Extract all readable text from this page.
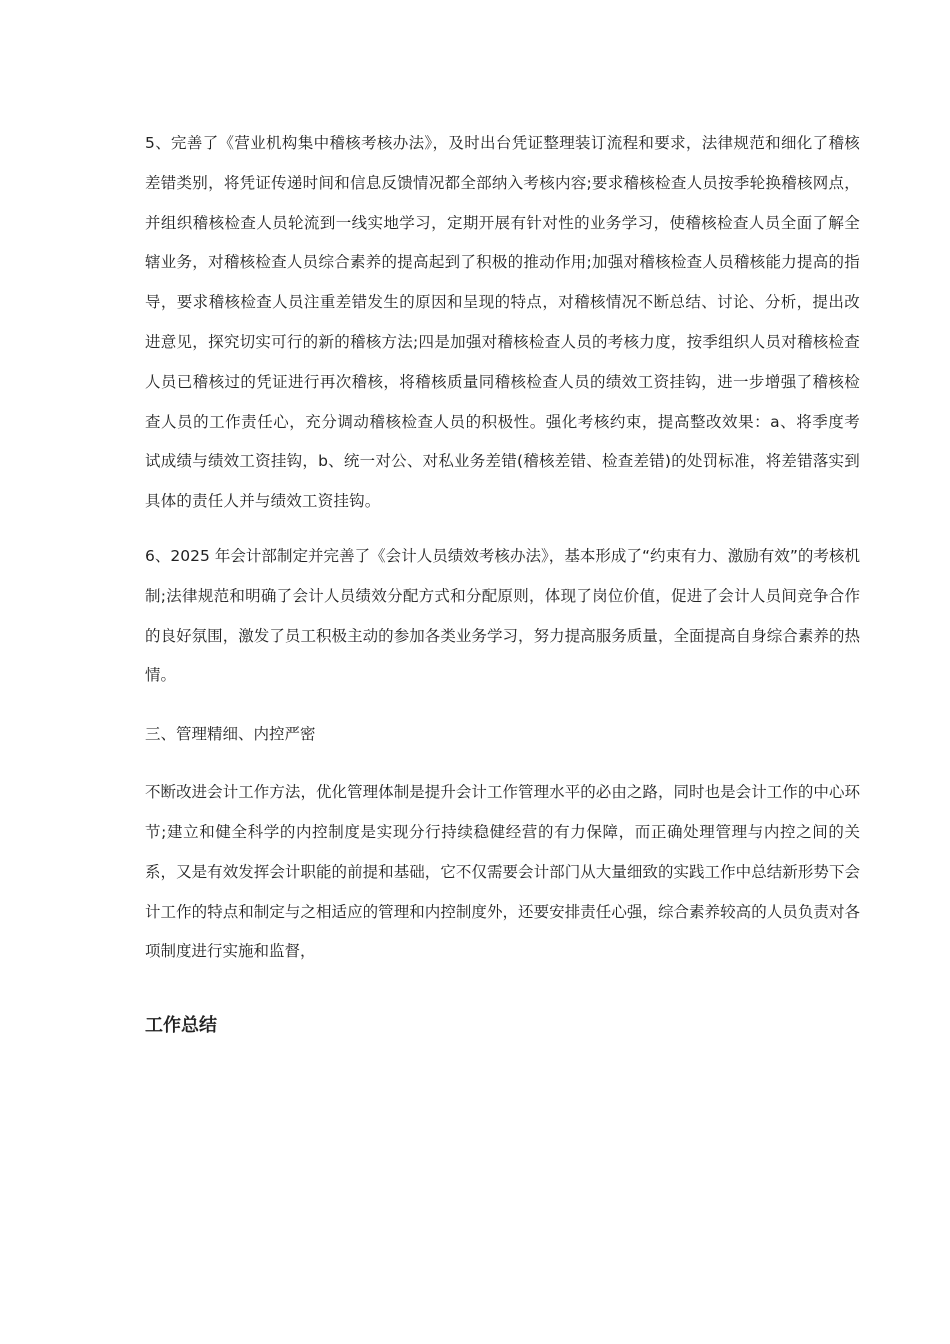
5、完善了《营业机构集中稽核考核办法》，及时出台凭证整理装订流程和要求，法律规范和细化了稽核差错类别，将凭证传递时间和信息反馈情况都全部纳入考核内容;要求稽核检查人员按季轮换稽核网点，并组织稽核检查人员轮流到一线实地学习，定期开展有针对性的业务学习，使稽核检查人员全面了解全辖业务，对稽核检查人员综合素养的提高起到了积极的推动作用;加强对稽核检查人员稽核能力提高的指导，要求稽核检查人员注重差错发生的原因和呈现的特点，对稽核情况不断总结、讨论、分析，提出改进意见，探究切实可行的新的稽核方法;四是加强对稽核检查人员的考核力度，按季组织人员对稽核检查人员已稽核过的凭证进行再次稽核，将稽核质量同稽核检查人员的绩效工资挂钩，进一步增强了稽核检查人员的工作责任心，充分调动稽核检查人员的积极性。强化考核约束，提高整改效果：a、将季度考试成绩与绩效工资挂钩，b、统一对公、对私业务差错(稽核差错、检查差错)的处罚标准，将差错落实到具体的责任人并与绩效工资挂钩。

6、2025 年会计部制定并完善了《会计人员绩效考核办法》，基本形成了“约束有力、激励有效”的考核机制;法律规范和明确了会计人员绩效分配方式和分配原则，体现了岗位价值，促进了会计人员间竞争合作的良好氛围，激发了员工积极主动的参加各类业务学习，努力提高服务质量，全面提高自身综合素养的热情。

三、管理精细、内控严密

不断改进会计工作方法，优化管理体制是提升会计工作管理水平的必由之路，同时也是会计工作的中心环节;建立和健全科学的内控制度是实现分行持续稳健经营的有力保障，而正确处理管理与内控之间的关系，又是有效发挥会计职能的前提和基础，它不仅需要会计部门从大量细致的实践工作中总结新形势下会计工作的特点和制定与之相适应的管理和内控制度外，还要安排责任心强，综合素养较高的人员负责对各项制度进行实施和监督，

工作总结
